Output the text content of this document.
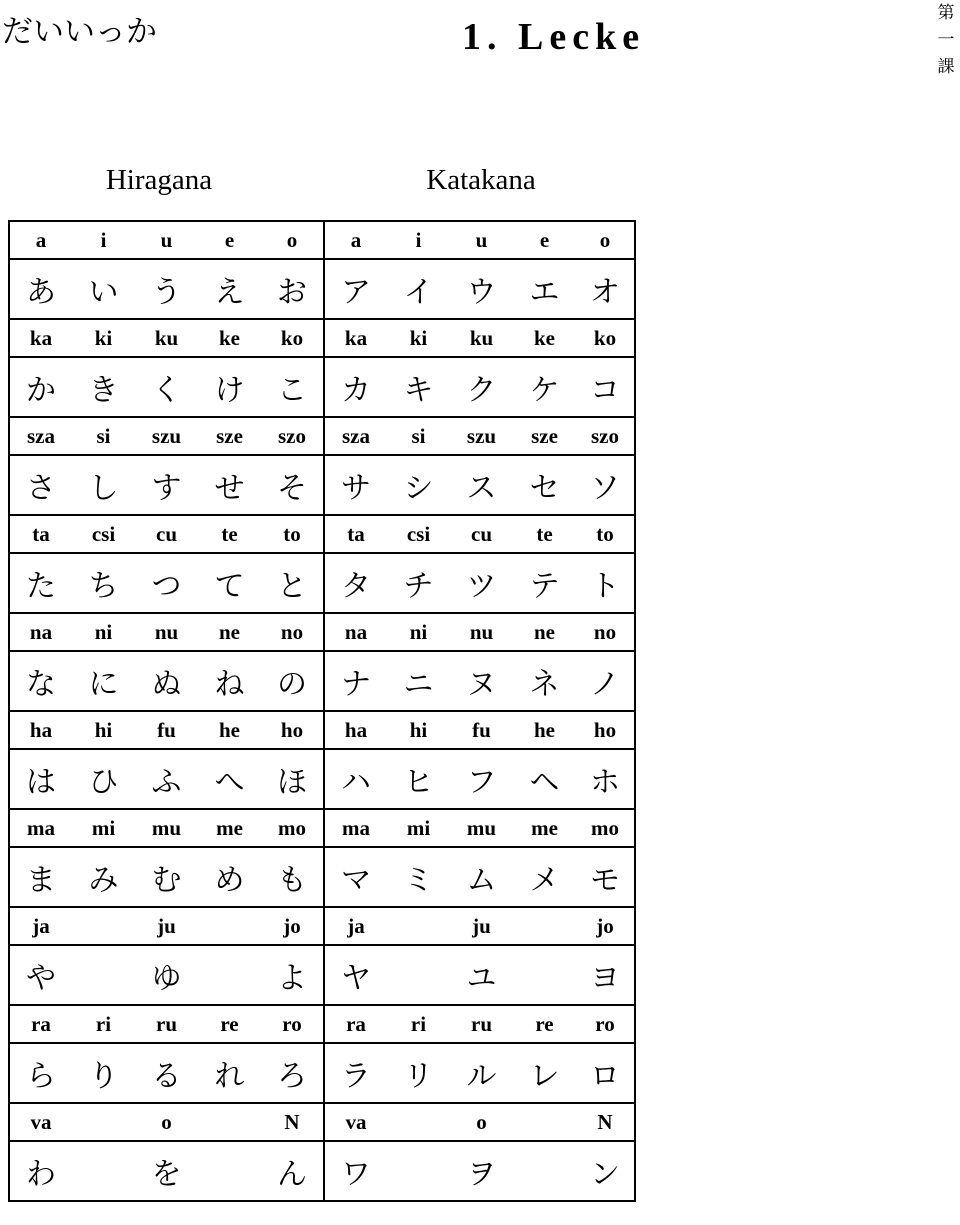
だいいっか	1. Lecke
第
一
課
Hiragana	Katakana
a	i	u	e	o	a	i	u	e	o
あ	い	う	え	お	ア	イ	ウ	エ	オ
ka	ki	ku	ke	ko	ka	ki	ku	ke	ko
か	き	く	け	こ	カ	キ	ク	ケ	コ
sza	si	szu	sze	szo	sza	si	szu	sze	szo
さ	し	す	せ	そ	サ	シ	ス	セ	ソ
ta	csi	cu	te	to	ta	csi	cu	te	to
た	ち	つ	て	と	タ	チ	ツ	テ	ト
na	ni	nu	ne	no	na	ni	nu	ne	no
な	に	ぬ	ね	の	ナ	ニ	ヌ	ネ	ノ
ha	hi	fu	he	ho	ha	hi	fu	he	ho
は	ひ	ふ	へ	ほ	ハ	ヒ	フ	ヘ	ホ
ma	mi	mu	me	mo	ma	mi	mu	me	mo
ま	み	む	め	も	マ	ミ	ム	メ	モ
ja		ju		jo	ja		ju		jo
や		ゆ		よ	ヤ		ユ		ヨ
ra	ri	ru	re	ro	ra	ri	ru	re	ro
ら	り	る	れ	ろ	ラ	リ	ル	レ	ロ
va		o		N	va		o		N
わ		を		ん	ワ		ヲ		ン
